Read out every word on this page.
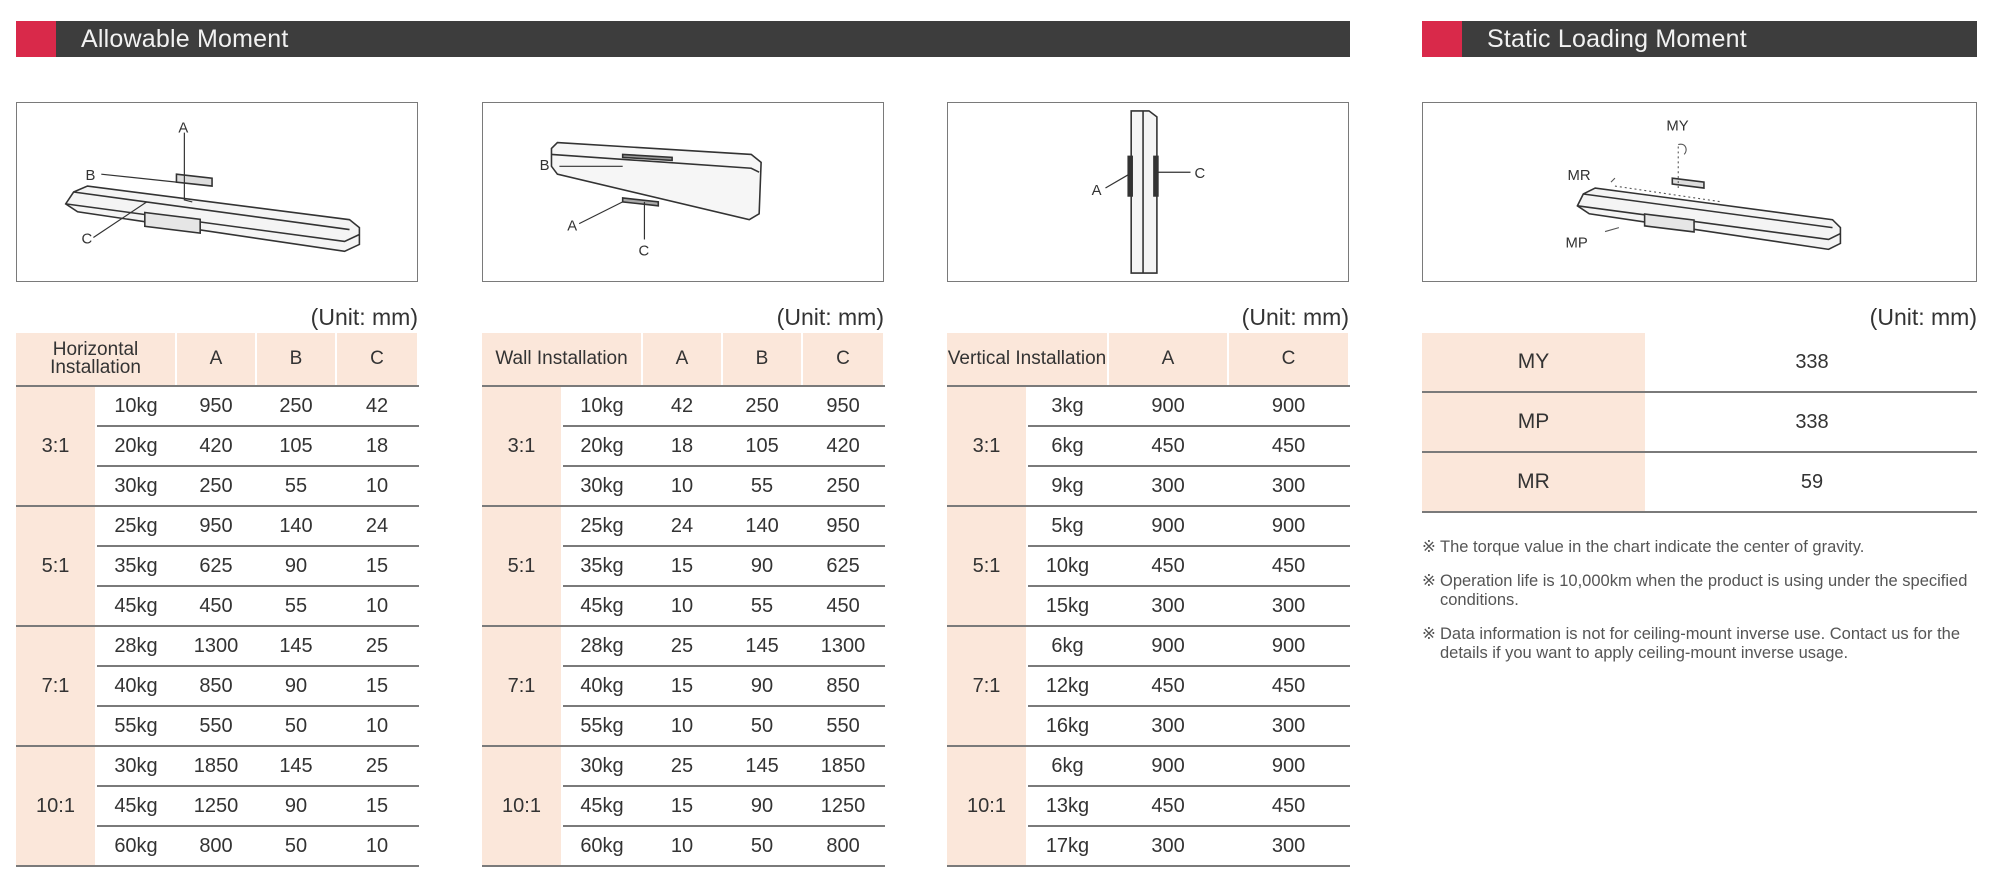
Allowable Moment	Static Loading Moment
A
B
C
B
A
C
A
C
MY
MR
MP
(Unit: mm)	(Unit: mm)	(Unit: mm)	(Unit: mm)
Horizontal Installation		A	B	C
3:1	10kg	950	250	42
	20kg	420	105	18
	30kg	250	55	10
5:1	25kg	950	140	24
	35kg	625	90	15
	45kg	450	55	10
7:1	28kg	1300	145	25
	40kg	850	90	15
	55kg	550	50	10
10:1	30kg	1850	145	25
	45kg	1250	90	15
	60kg	800	50	10
Wall Installation		A	B	C
3:1	10kg	42	250	950
	20kg	18	105	420
	30kg	10	55	250
5:1	25kg	24	140	950
	35kg	15	90	625
	45kg	10	55	450
7:1	28kg	25	145	1300
	40kg	15	90	850
	55kg	10	50	550
10:1	30kg	25	145	1850
	45kg	15	90	1250
	60kg	10	50	800
Vertical Installation		A	C
3:1	3kg	900	900
	6kg	450	450
	9kg	300	300
5:1	5kg	900	900
	10kg	450	450
	15kg	300	300
7:1	6kg	900	900
	12kg	450	450
	16kg	300	300
10:1	6kg	900	900
	13kg	450	450
	17kg	300	300
MY	338
MP	338
MR	59
※ The torque value in the chart indicate the center of gravity.
※ Operation life is 10,000km when the product is using under the specified conditions.
※ Data information is not for ceiling-mount inverse use. Contact us for the details if you want to apply ceiling-mount inverse usage.
